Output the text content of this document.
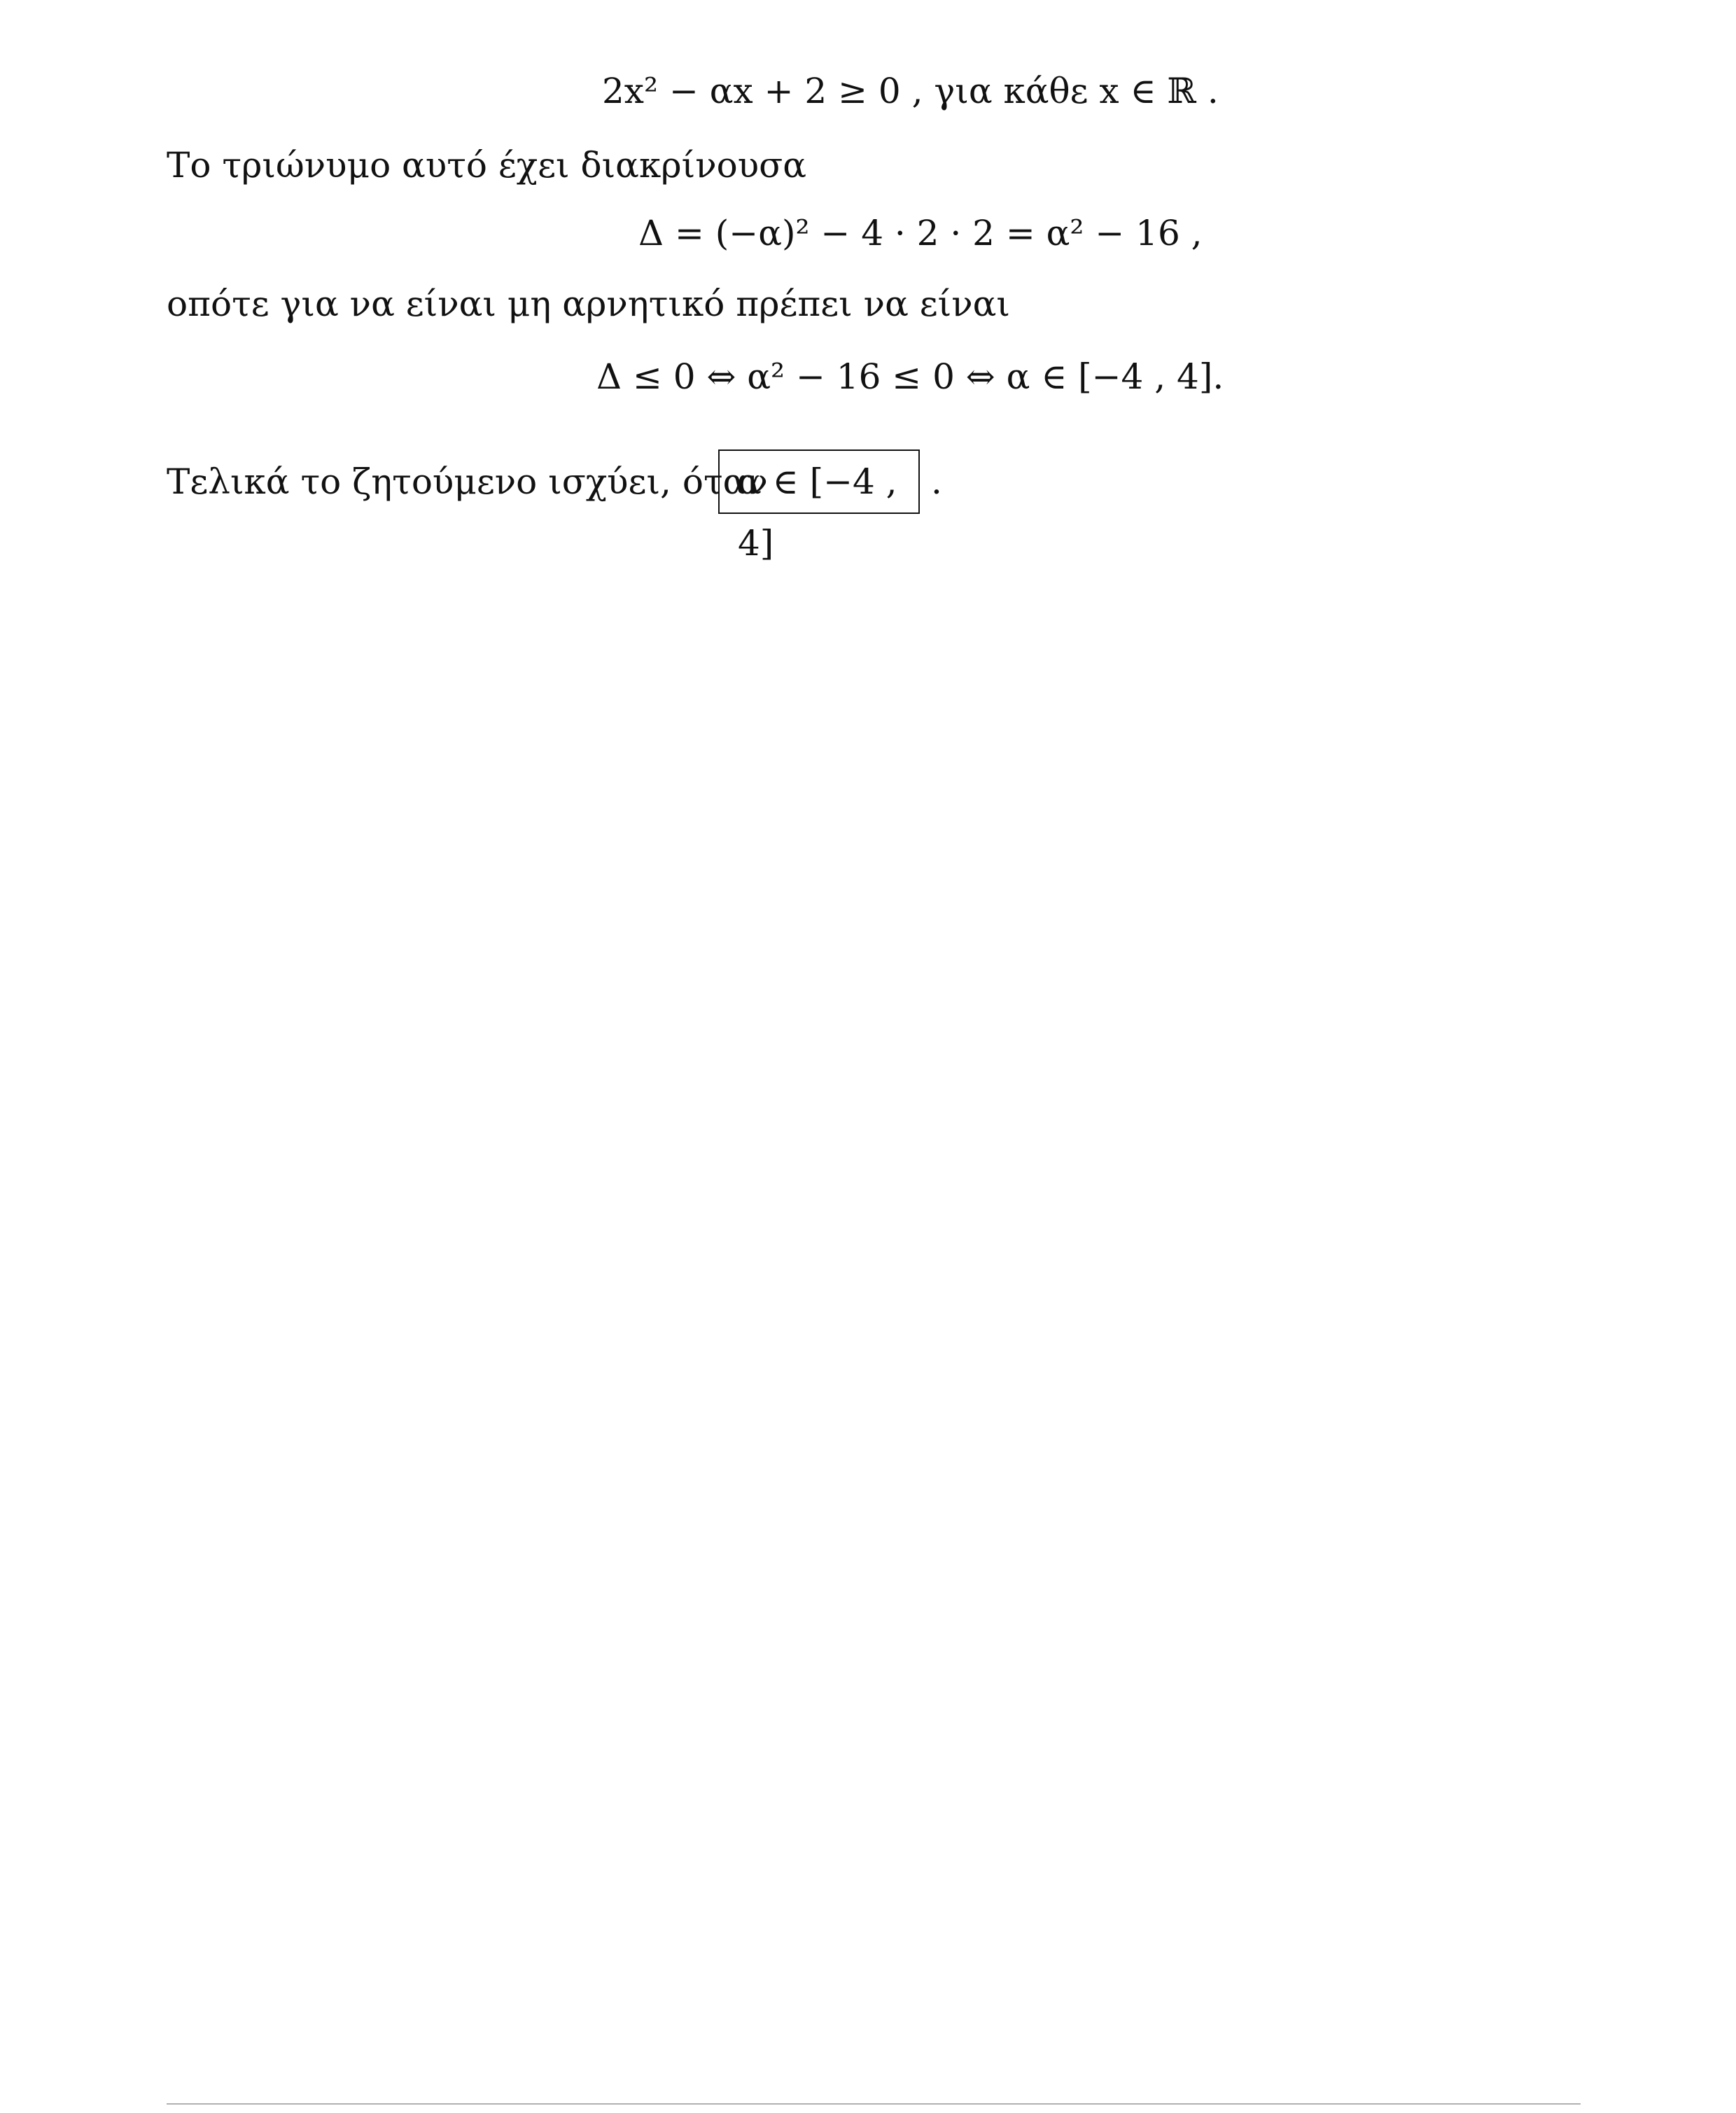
2x² − αx + 2 ≥ 0 , για κάθε x ∈ ℝ .
Το τριώνυμο αυτό έχει διακρίνουσα
Δ = (−α)² − 4 · 2 · 2 = α² − 16 ,
οπότε για να είναι μη αρνητικό πρέπει να είναι
Δ ≤ 0 ⇔ α² − 16 ≤ 0 ⇔ α ∈ [−4 , 4].
Τελικά το ζητούμενο ισχύει, όταν
α ∈ [−4 , 4]
.
